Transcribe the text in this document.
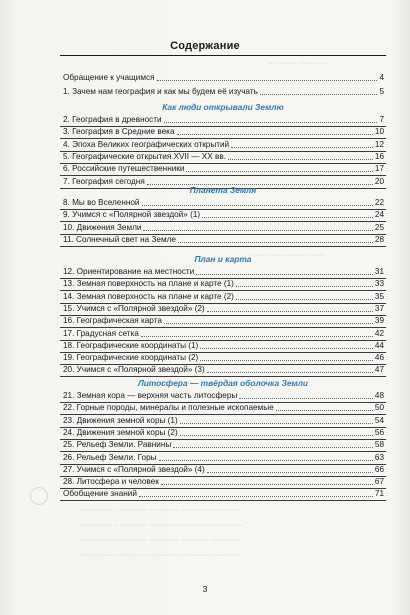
~~~~~~ ~~~~~~
~~~~ ~~~~~ ~~~~~~
~~~~~~ ~~~ ~~~~~~
~~~~ ~~~~~~~ ~~~~
~~~~~~~ ~~~~~~~ ~~~~~~ ~~~~~~~ ~~~~~
~~~~~~~~ ~~~~~~ ~~~~~~~ ~~~~~~~~ ~~~~
~~~~~~ ~~~~~~~~ ~~~~~~ ~~~~~~ ~~~~~~
~~~~~~~ ~~~~~~ ~~~~~~~~ ~~~~~~ ~~~~~
Содержание
Обращение к учащимся	4
1. Зачем нам география и как мы будем её изучать	5
2. География в древности	7
3. География в Средние века	10
4. Эпоха Великих географических открытий	12
5. Географические открытия XVII — XX вв.	16
6. Российские путешественники	17
7. География сегодня	20
8. Мы во Вселенной	22
9. Учимся с «Полярной звездой» (1)	24
10. Движения Земли	25
11. Солнечный свет на Земле	28
12. Ориентирование на местности	31
13. Земная поверхность на плане и карте (1)	33
14. Земная поверхность на плане и карте (2)	35
15. Учимся с «Полярной звездой» (2)	37
16. Географическая карта	39
17. Градусная сетка	42
18. Географические координаты (1)	44
19. Географические координаты (2)	46
20. Учимся с «Полярной звездой» (3)	47
21. Земная кора — верхняя часть литосферы	48
22. Горные породы, минералы и полезные ископаемые	50
23. Движения земной коры (1)	54
24. Движения земной коры (2)	56
25. Рельеф Земли. Равнины	58
26. Рельеф Земли. Горы	63
27. Учимся с «Полярной звездой» (4)	66
28. Литосфера и человек	67
Обобщение знаний	71
3
Как люди открывали Землю
Планета Земля
План и карта
Литосфера — твёрдая оболочка Земли
